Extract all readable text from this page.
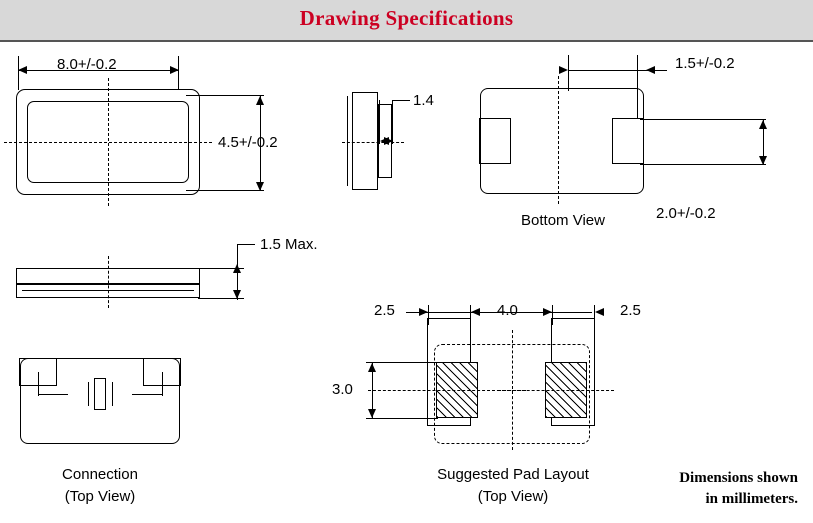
Drawing Specifications
8.0+/-0.2
4.5+/-0.2
1.4
1.5+/-0.2
2.0+/-0.2
Bottom View
1.5 Max.
Connection
(Top View)
2.5	4.0	2.5
3.0
Suggested Pad Layout
(Top View)
Dimensions shown
in millimeters.
